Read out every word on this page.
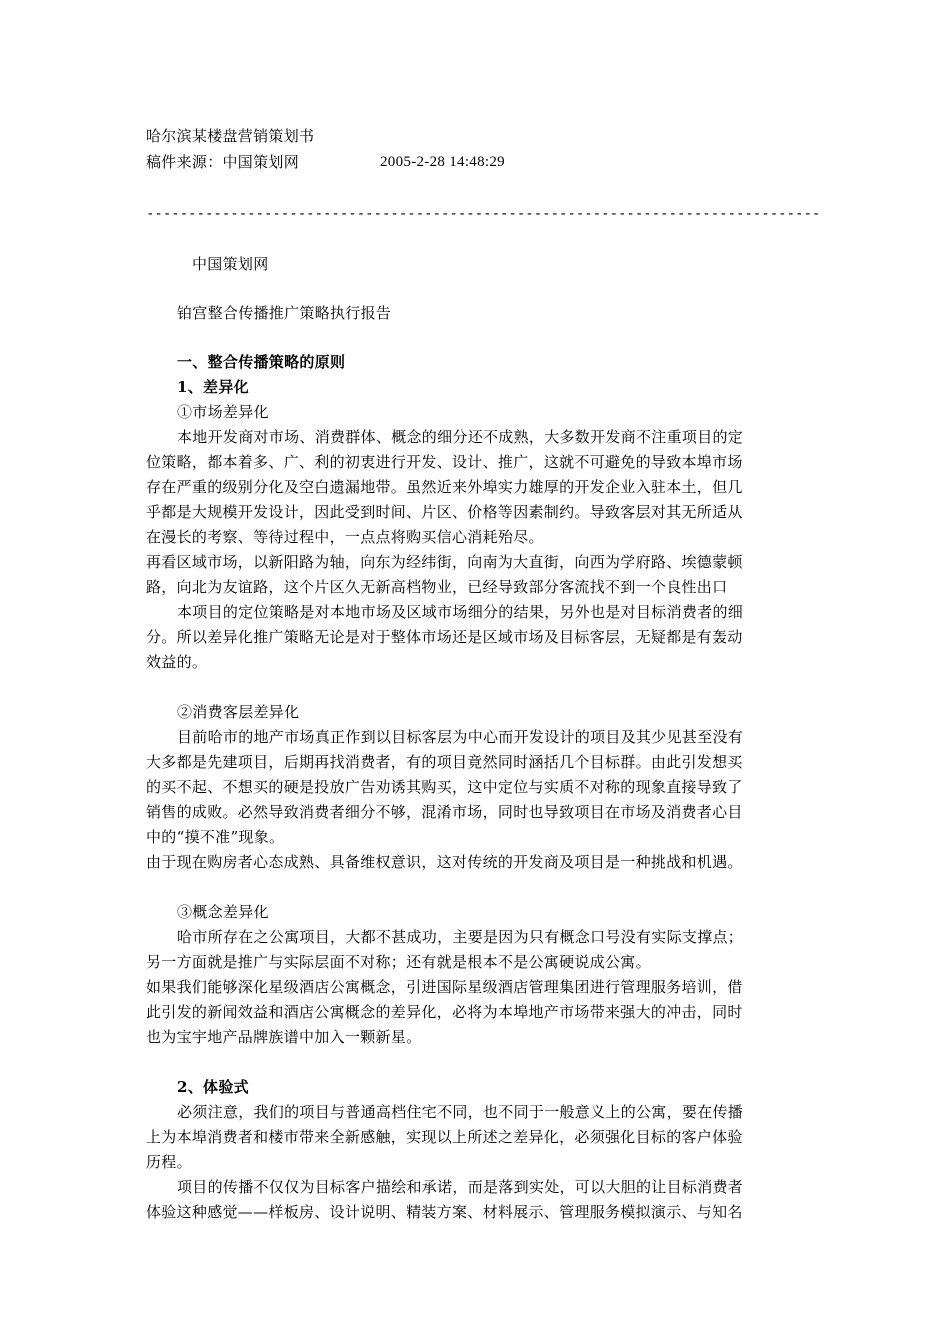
哈尔滨某楼盘营销策划书
稿件来源：中国策划网	2005-2-28 14:48:29
--------------------------------------------------------------------------------
中国策划网
铂宫整合传播推广策略执行报告
一、整合传播策略的原则
1、差异化
①市场差异化
本地开发商对市场、消费群体、概念的细分还不成熟，大多数开发商不注重项目的定
位策略，都本着多、广、利的初衷进行开发、设计、推广，这就不可避免的导致本埠市场
存在严重的级别分化及空白遗漏地带。虽然近来外埠实力雄厚的开发企业入驻本土，但几
乎都是大规模开发设计，因此受到时间、片区、价格等因素制约。导致客层对其无所适从
在漫长的考察、等待过程中，一点点将购买信心消耗殆尽。
再看区域市场，以新阳路为轴，向东为经纬街，向南为大直街，向西为学府路、埃德蒙顿
路，向北为友谊路，这个片区久无新高档物业，已经导致部分客流找不到一个良性出口
本项目的定位策略是对本地市场及区域市场细分的结果，另外也是对目标消费者的细
分。所以差异化推广策略无论是对于整体市场还是区域市场及目标客层，无疑都是有轰动
效益的。
②消费客层差异化
目前哈市的地产市场真正作到以目标客层为中心而开发设计的项目及其少见甚至没有
大多都是先建项目，后期再找消费者，有的项目竟然同时涵括几个目标群。由此引发想买
的买不起、不想买的硬是投放广告劝诱其购买，这中定位与实质不对称的现象直接导致了
销售的成败。必然导致消费者细分不够，混淆市场，同时也导致项目在市场及消费者心目
中的“摸不准”现象。
由于现在购房者心态成熟、具备维权意识，这对传统的开发商及项目是一种挑战和机遇。
③概念差异化
哈市所存在之公寓项目，大都不甚成功，主要是因为只有概念口号没有实际支撑点；
另一方面就是推广与实际层面不对称；还有就是根本不是公寓硬说成公寓。
如果我们能够深化星级酒店公寓概念，引进国际星级酒店管理集团进行管理服务培训，借
此引发的新闻效益和酒店公寓概念的差异化，必将为本埠地产市场带来强大的冲击，同时
也为宝宇地产品牌族谱中加入一颗新星。
2、体验式
必须注意，我们的项目与普通高档住宅不同，也不同于一般意义上的公寓，要在传播
上为本埠消费者和楼市带来全新感触，实现以上所述之差异化，必须强化目标的客户体验
历程。
项目的传播不仅仅为目标客户描绘和承诺，而是落到实处，可以大胆的让目标消费者
体验这种感觉——样板房、设计说明、精装方案、材料展示、管理服务模拟演示、与知名
